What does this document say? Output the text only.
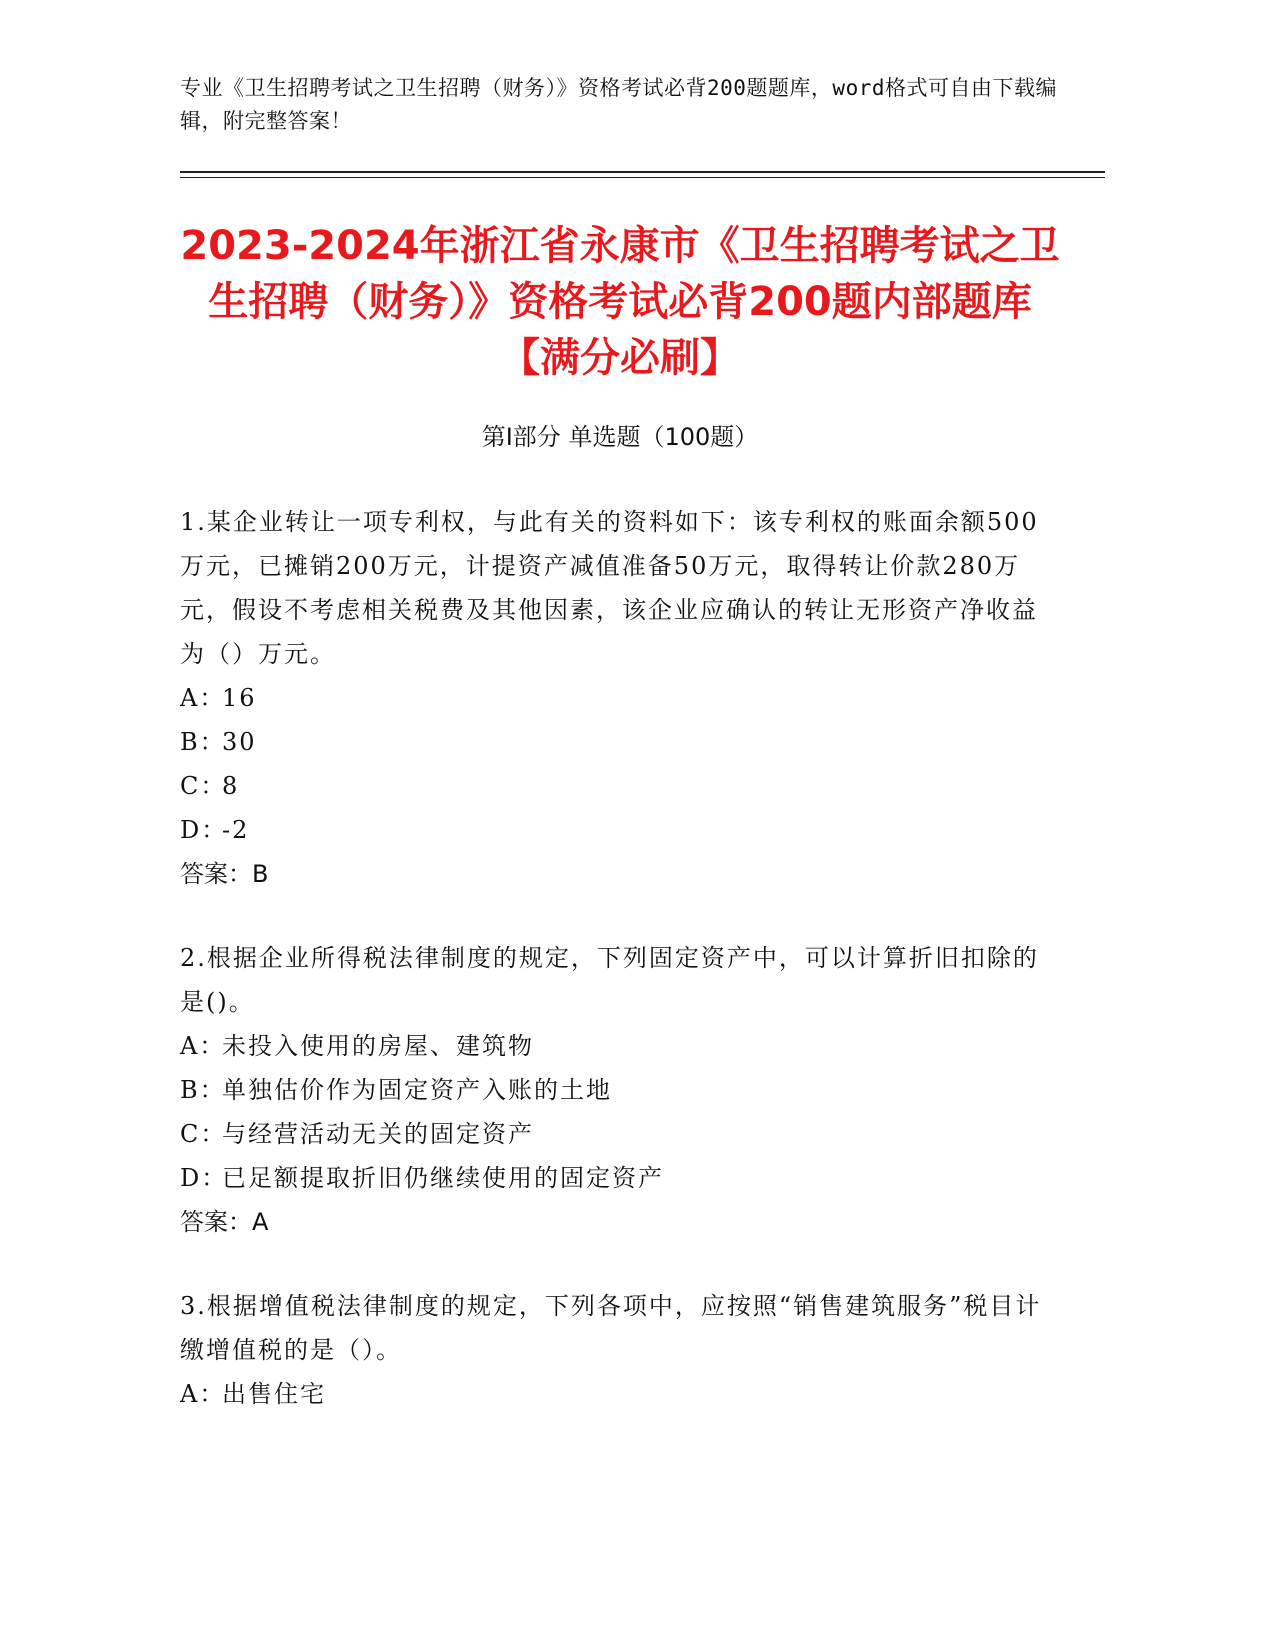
专业《卫生招聘考试之卫生招聘（财务）》资格考试必背200题题库，word格式可自由下载编辑，附完整答案！
2023-2024年浙江省永康市《卫生招聘考试之卫生招聘（财务）》资格考试必背200题内部题库【满分必刷】
第I部分 单选题（100题）

1.某企业转让一项专利权，与此有关的资料如下：该专利权的账面余额500万元，已摊销200万元，计提资产减值准备50万元，取得转让价款280万元，假设不考虑相关税费及其他因素，该企业应确认的转让无形资产净收益为（）万元。

A：16

B：30

C：8

D：-2

答案：B

2.根据企业所得税法律制度的规定，下列固定资产中，可以计算折旧扣除的是()。

A：未投入使用的房屋、建筑物

B：单独估价作为固定资产入账的土地

C：与经营活动无关的固定资产

D：已足额提取折旧仍继续使用的固定资产

答案：A

3.根据增值税法律制度的规定，下列各项中，应按照“销售建筑服务”税目计缴增值税的是（）。

A：出售住宅
